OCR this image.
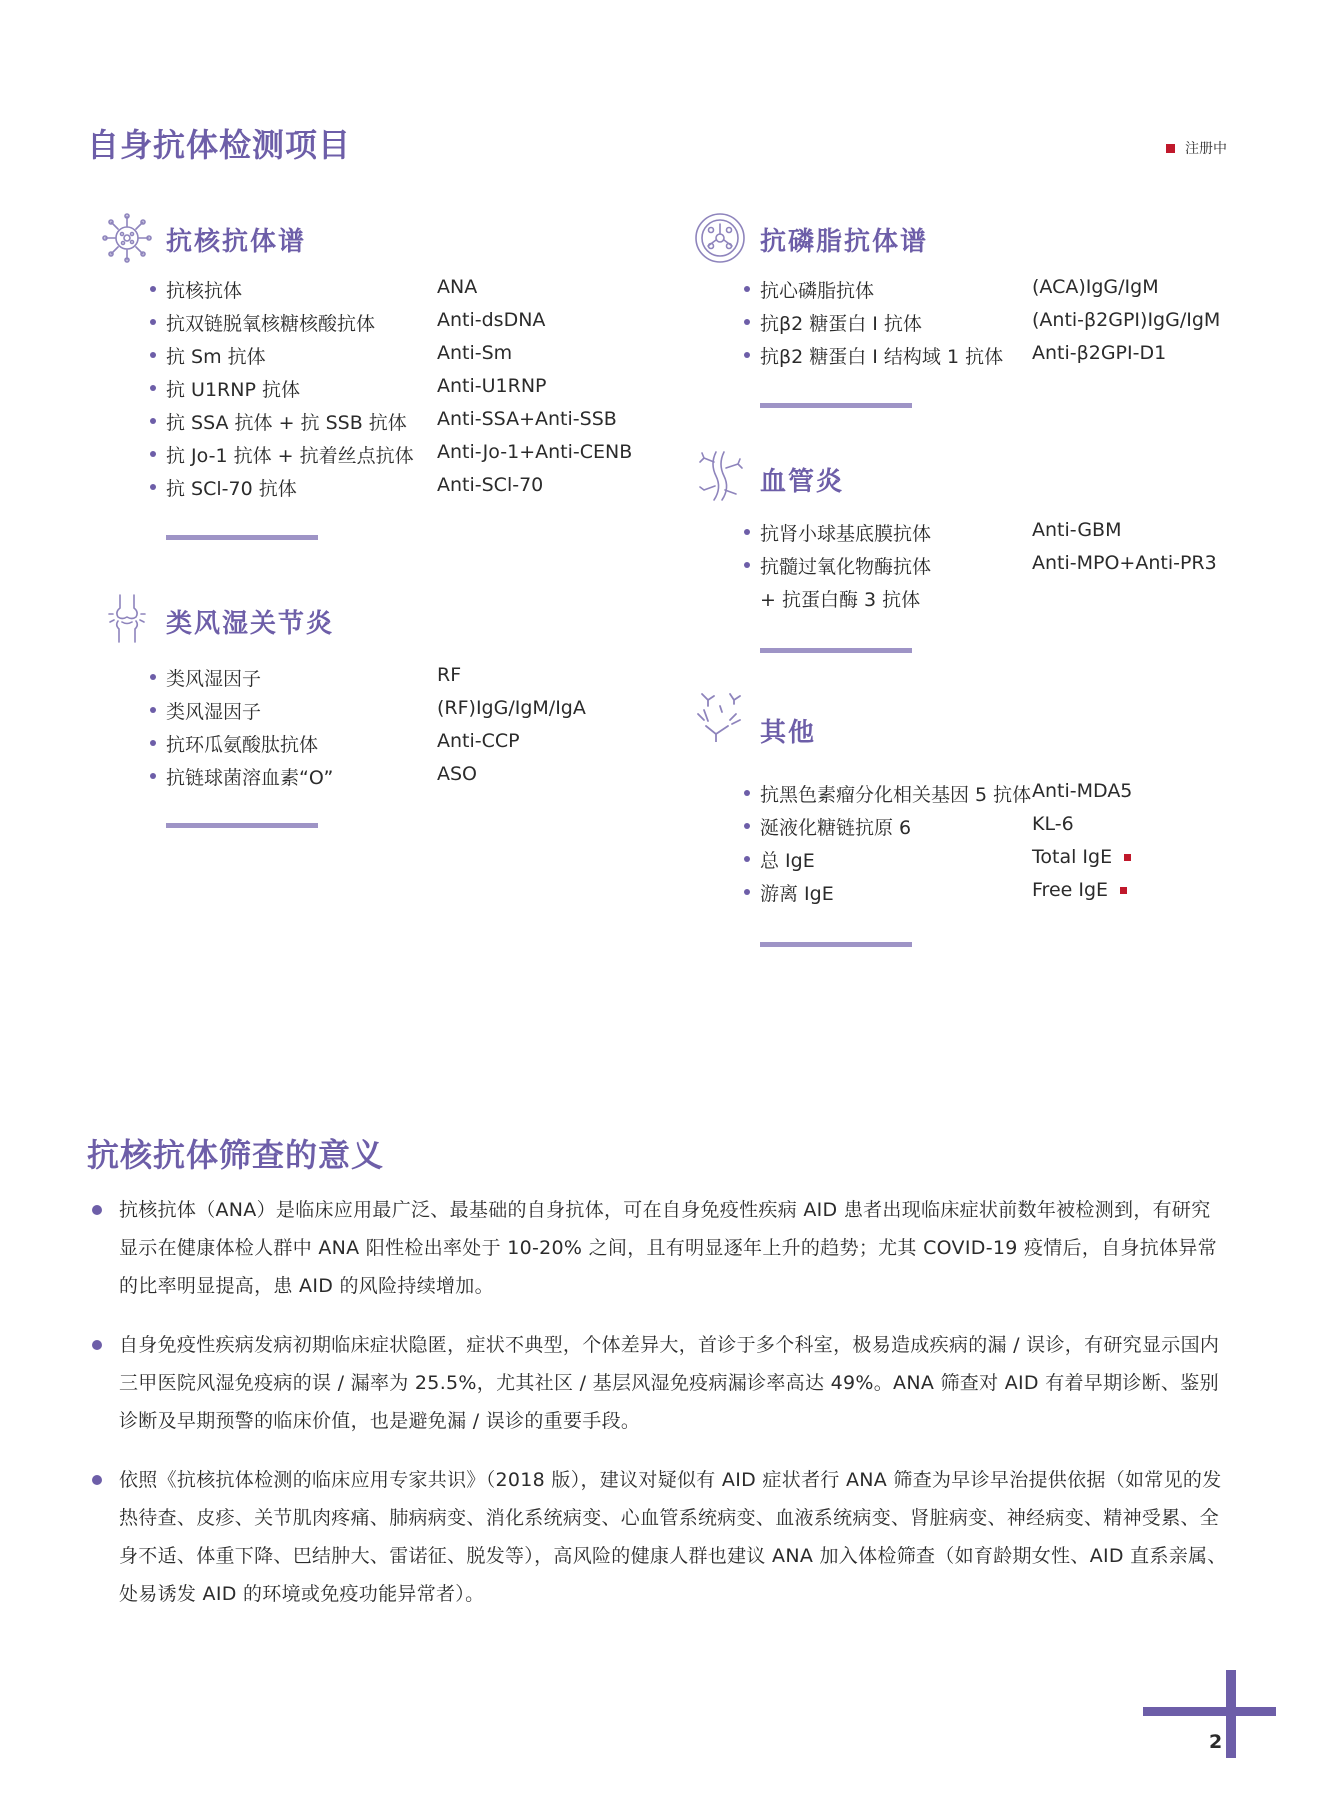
自身抗体检测项目	注册中
抗核抗体谱
抗核抗体	ANA
抗双链脱氧核糖核酸抗体	Anti-dsDNA
抗 Sm 抗体	Anti-Sm
抗 U1RNP 抗体	Anti-U1RNP
抗 SSA 抗体 + 抗 SSB 抗体 Anti-SSA+Anti-SSB
抗 Jo-1 抗体 + 抗着丝点抗体 Anti-Jo-1+Anti-CENB
抗 SCl-70 抗体	Anti-SCl-70
类风湿关节炎
类风湿因子	RF
类风湿因子	(RF)IgG/IgM/IgA
抗环瓜氨酸肽抗体	Anti-CCP
抗链球菌溶血素“O”	ASO
抗磷脂抗体谱
抗心磷脂抗体	(ACA)IgG/IgM
抗β2 糖蛋白 I 抗体	(Anti-β2GPI)IgG/IgM
抗β2 糖蛋白 I 结构域 1 抗体 Anti-β2GPI-D1
血管炎
抗肾小球基底膜抗体	Anti-GBM
抗髓过氧化物酶抗体	Anti-MPO+Anti-PR3
+ 抗蛋白酶 3 抗体
其他
抗黑色素瘤分化相关基因 5 抗体 Anti-MDA5
涎液化糖链抗原 6	KL-6
总 IgE	Total IgE
游离 IgE	Free IgE
抗核抗体筛查的意义
抗核抗体（ANA）是临床应用最广泛、最基础的自身抗体，可在自身免疫性疾病 AID 患者出现临床症状前数年被检测到，有研究显示在健康体检人群中 ANA 阳性检出率处于 10-20% 之间，且有明显逐年上升的趋势；尤其 COVID-19 疫情后，自身抗体异常的比率明显提高，患 AID 的风险持续增加。
自身免疫性疾病发病初期临床症状隐匿，症状不典型，个体差异大，首诊于多个科室，极易造成疾病的漏 / 误诊，有研究显示国内三甲医院风湿免疫病的误 / 漏率为 25.5%，尤其社区 / 基层风湿免疫病漏诊率高达 49%。ANA 筛查对 AID 有着早期诊断、鉴别诊断及早期预警的临床价值，也是避免漏 / 误诊的重要手段。
依照《抗核抗体检测的临床应用专家共识》（2018 版），建议对疑似有 AID 症状者行 ANA 筛查为早诊早治提供依据（如常见的发热待查、皮疹、关节肌肉疼痛、肺病病变、消化系统病变、心血管系统病变、血液系统病变、肾脏病变、神经病变、精神受累、全身不适、体重下降、巴结肿大、雷诺征、脱发等），高风险的健康人群也建议 ANA 加入体检筛查（如育龄期女性、AID 直系亲属、处易诱发 AID 的环境或免疫功能异常者）。
2
